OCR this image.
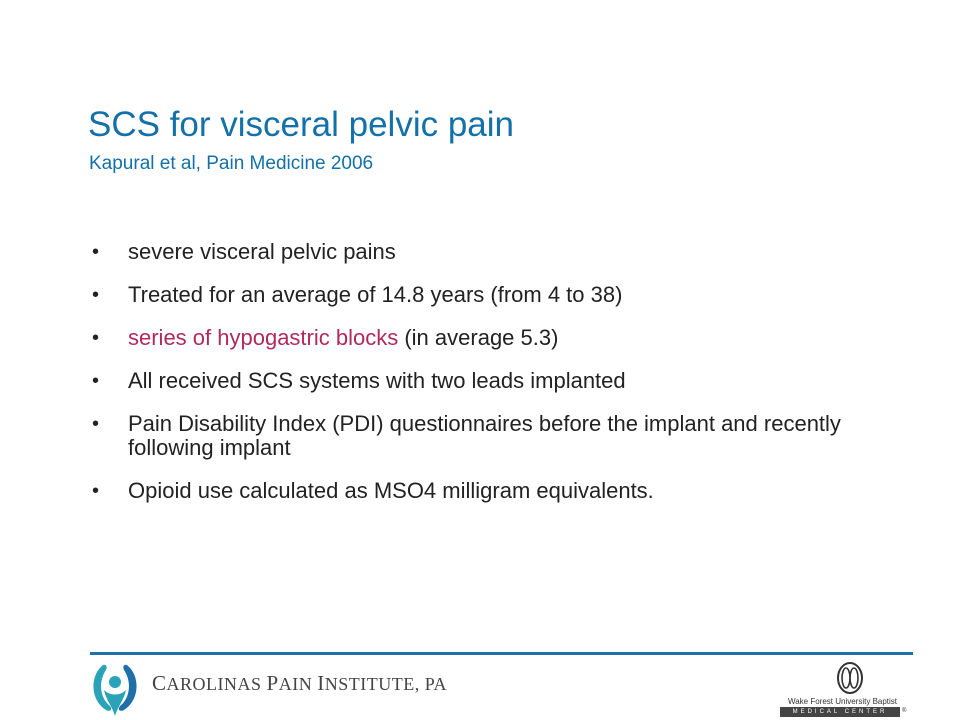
SCS for visceral pelvic pain
Kapural et al, Pain Medicine 2006
• severe visceral pelvic pains
• Treated for an average of 14.8 years (from 4 to 38)
• series of hypogastric blocks (in average 5.3)
• All received SCS systems with two leads implanted
• Pain Disability Index (PDI) questionnaires before the implant and recently following implant
• Opioid use calculated as MSO4 milligram equivalents.
CAROLINAS PAIN INSTITUTE, PA
Wake Forest University Baptist
MEDICAL CENTER	®
